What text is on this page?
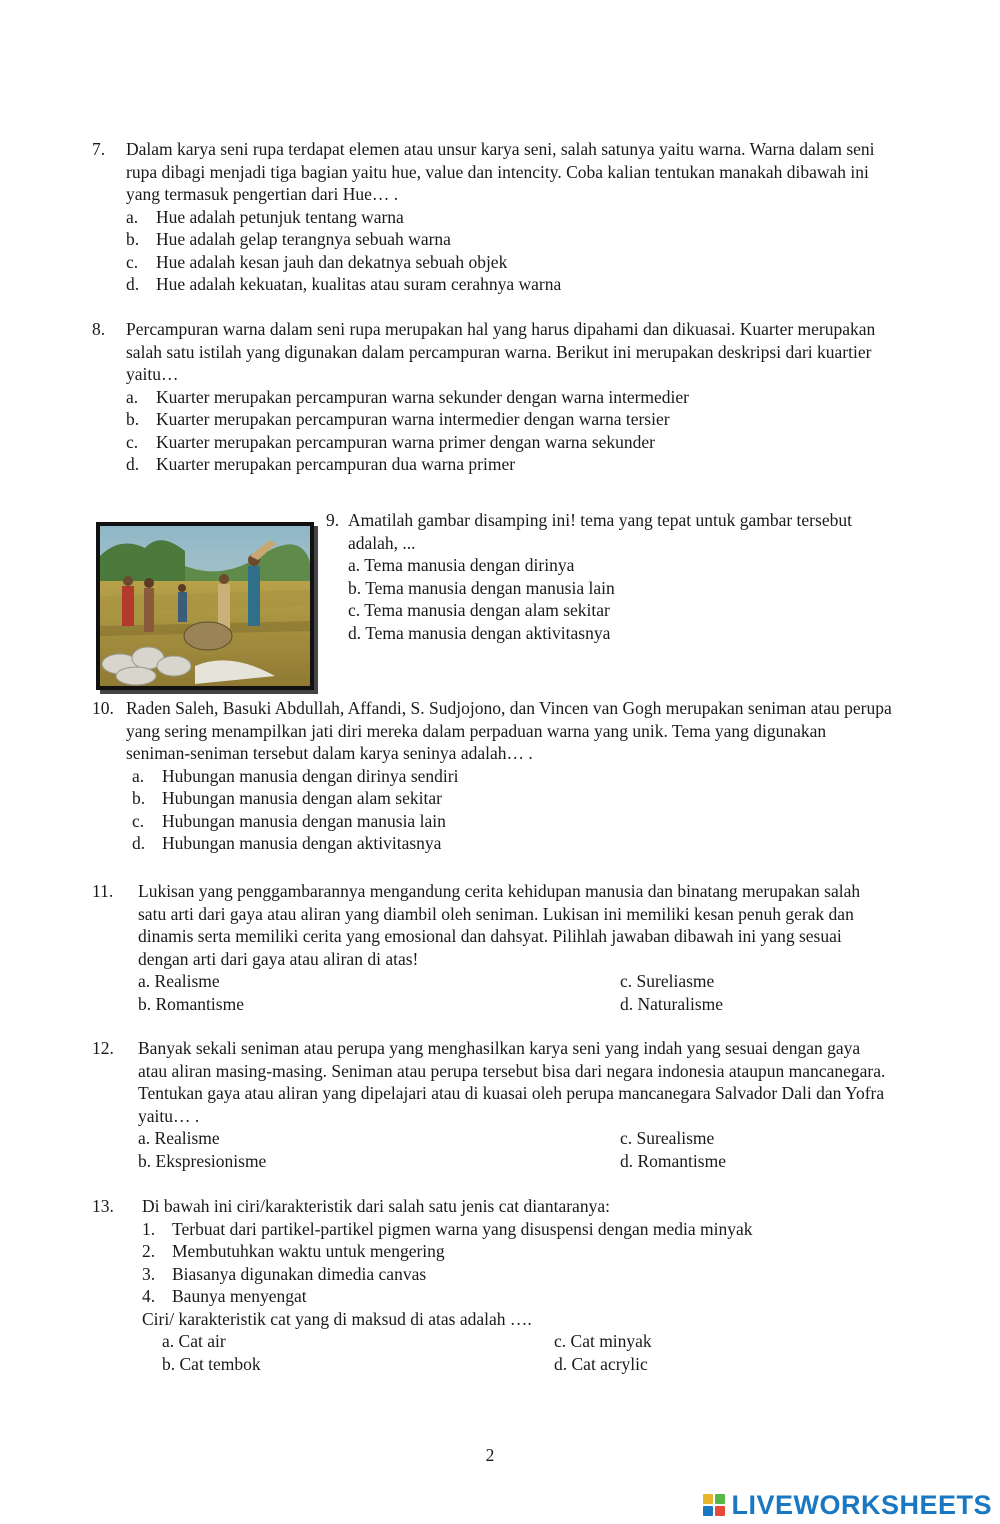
7. Dalam karya seni rupa terdapat elemen atau unsur karya seni, salah satunya yaitu warna. Warna dalam seni rupa dibagi menjadi tiga bagian yaitu hue, value dan intencity. Coba kalian tentukan manakah dibawah ini yang termasuk pengertian dari Hue… .
a. Hue adalah petunjuk tentang warna
b. Hue adalah gelap terangnya sebuah warna
c. Hue adalah kesan jauh dan dekatnya sebuah objek
d. Hue adalah kekuatan, kualitas atau suram cerahnya warna
8. Percampuran warna dalam seni rupa merupakan hal yang harus dipahami dan dikuasai. Kuarter merupakan salah satu istilah yang digunakan dalam percampuran warna. Berikut ini merupakan deskripsi dari kuartier yaitu…
a. Kuarter merupakan percampuran warna sekunder dengan warna intermedier
b. Kuarter merupakan percampuran warna intermedier dengan warna tersier
c. Kuarter merupakan percampuran warna primer dengan warna sekunder
d. Kuarter merupakan percampuran dua warna primer
9. Amatilah gambar disamping ini! tema yang tepat untuk gambar tersebut adalah, ...
a. Tema manusia dengan dirinya
b. Tema manusia dengan manusia lain
c. Tema manusia dengan alam sekitar
d. Tema manusia dengan aktivitasnya
10. Raden Saleh, Basuki Abdullah, Affandi, S. Sudjojono, dan Vincen van Gogh merupakan seniman atau perupa yang sering menampilkan jati diri mereka dalam perpaduan warna yang unik. Tema yang digunakan seniman-seniman tersebut dalam karya seninya adalah… .
a. Hubungan manusia dengan dirinya sendiri
b. Hubungan manusia dengan alam sekitar
c. Hubungan manusia dengan manusia lain
d. Hubungan manusia dengan aktivitasnya
11. Lukisan yang penggambarannya mengandung cerita kehidupan manusia dan binatang merupakan salah satu arti dari gaya atau aliran yang diambil oleh seniman. Lukisan ini memiliki kesan penuh gerak dan dinamis serta memiliki cerita yang emosional dan dahsyat. Pilihlah jawaban dibawah ini yang sesuai dengan arti dari gaya atau aliran di atas!
a. Realisme
b. Romantisme
c. Sureliasme
d. Naturalisme
12. Banyak sekali seniman atau perupa yang menghasilkan karya seni yang indah yang sesuai dengan gaya atau aliran masing-masing. Seniman atau perupa tersebut bisa dari negara indonesia ataupun mancanegara. Tentukan gaya atau aliran yang dipelajari atau di kuasai oleh perupa mancanegara Salvador Dali dan Yofra yaitu… .
a. Realisme
b. Ekspresionisme
c. Surealisme
d. Romantisme
13. Di bawah ini ciri/karakteristik dari salah satu jenis cat diantaranya:
1. Terbuat dari partikel-partikel pigmen warna yang disuspensi dengan media minyak
2. Membutuhkan waktu untuk mengering
3. Biasanya digunakan dimedia canvas
4. Baunya menyengat
Ciri/ karakteristik cat yang di maksud di atas adalah ….
a. Cat air
b. Cat tembok
c. Cat minyak
d. Cat acrylic
2
LIVEWORKSHEETS
